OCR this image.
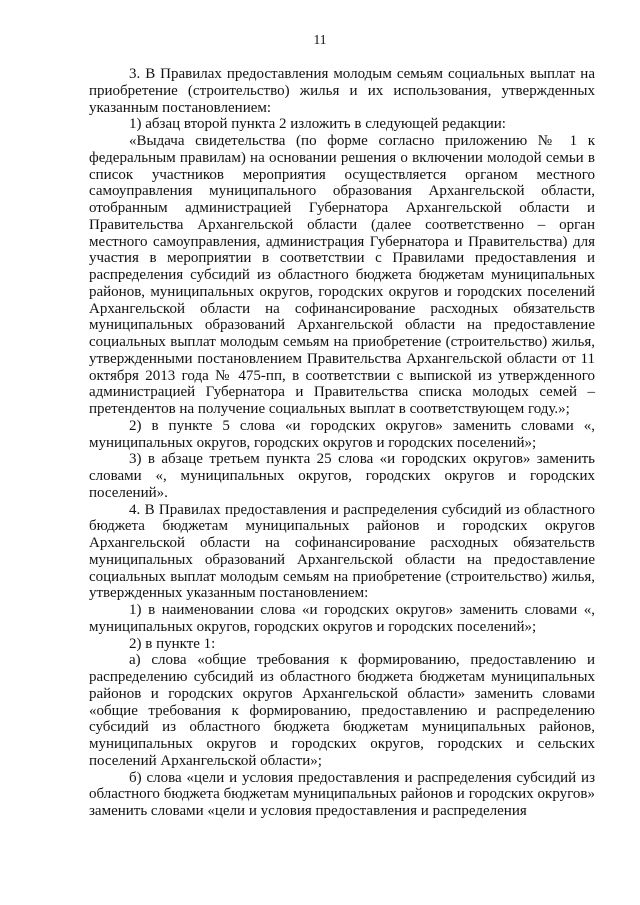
11

3. В Правилах предоставления молодым семьям социальных выплат на приобретение (строительство) жилья и их использования, утвержденных указанным постановлением:

1) абзац второй пункта 2 изложить в следующей редакции:

«Выдача свидетельства (по форме согласно приложению № 1 к федеральным правилам) на основании решения о включении молодой семьи в список участников мероприятия осуществляется органом местного самоуправления муниципального образования Архангельской области, отобранным администрацией Губернатора Архангельской области и Правительства Архангельской области (далее соответственно – орган местного самоуправления, администрация Губернатора и Правительства) для участия в мероприятии в соответствии с Правилами предоставления и распределения субсидий из областного бюджета бюджетам муниципальных районов, муниципальных округов, городских округов и городских поселений Архангельской области на софинансирование расходных обязательств муниципальных образований Архангельской области на предоставление социальных выплат молодым семьям на приобретение (строительство) жилья, утвержденными постановлением Правительства Архангельской области от 11 октября 2013 года № 475-пп, в соответствии с выпиской из утвержденного администрацией Губернатора и Правительства списка молодых семей – претендентов на получение социальных выплат в соответствующем году.»;

2) в пункте 5 слова «и городских округов» заменить словами «, муниципальных округов, городских округов и городских поселений»;

3) в абзаце третьем пункта 25 слова «и городских округов» заменить словами «, муниципальных округов, городских округов и городских поселений».

4. В Правилах предоставления и распределения субсидий из областного бюджета бюджетам муниципальных районов и городских округов Архангельской области на софинансирование расходных обязательств муниципальных образований Архангельской области на предоставление социальных выплат молодым семьям на приобретение (строительство) жилья, утвержденных указанным постановлением:

1) в наименовании слова «и городских округов» заменить словами «, муниципальных округов, городских округов и городских поселений»;

2) в пункте 1:

а) слова «общие требования к формированию, предоставлению и распределению субсидий из областного бюджета бюджетам муниципальных районов и городских округов Архангельской области» заменить словами «общие требования к формированию, предоставлению и распределению субсидий из областного бюджета бюджетам муниципальных районов, муниципальных округов и городских округов, городских и сельских поселений Архангельской области»;

б) слова «цели и условия предоставления и распределения субсидий из областного бюджета бюджетам муниципальных районов и городских округов» заменить словами «цели и условия предоставления и распределения
